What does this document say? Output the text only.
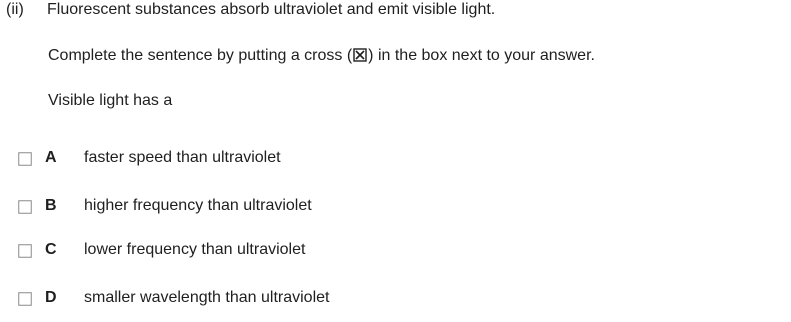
(ii) Fluorescent substances absorb ultraviolet and emit visible light.
Complete the sentence by putting a cross (☒) in the box next to your answer.
Visible light has a
A faster speed than ultraviolet
B higher frequency than ultraviolet
C lower frequency than ultraviolet
D smaller wavelength than ultraviolet
